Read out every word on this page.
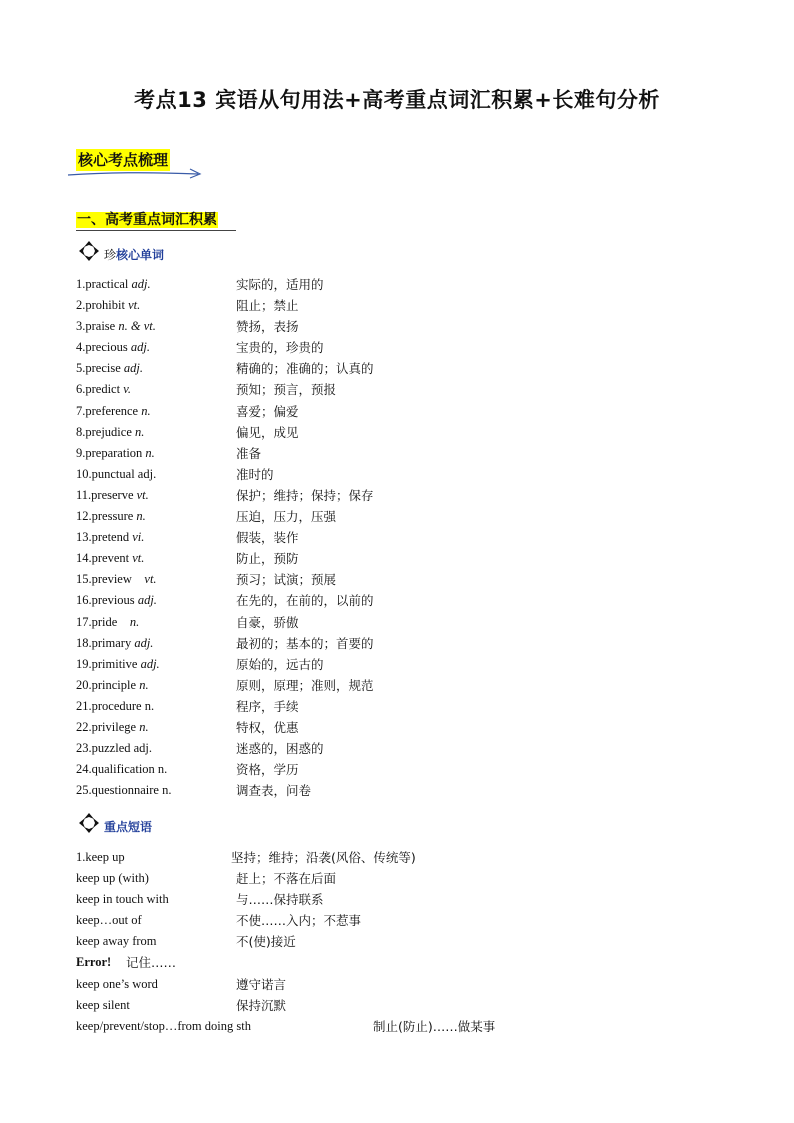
考点13 宾语从句用法+高考重点词汇积累+长难句分析
核心考点梳理
一、高考重点词汇积累
珍核心单词
1.practical adj.	实际的，适用的
2.prohibit vt.	阻止；禁止
3.praise n. & vt.	赞扬，表扬
4.precious adj.	宝贵的，珍贵的
5.precise adj.	精确的；准确的；认真的
6.predict v.	预知；预言，预报
7.preference n.	喜爱；偏爱
8.prejudice n.	偏见，成见
9.preparation n.	准备
10.punctual adj.	准时的
11.preserve vt.	保护；维持；保持；保存
12.pressure n.	压迫，压力，压强
13.pretend vi.	假装，装作
14.prevent vt.	防止，预防
15.preview    vt.	预习；试演；预展
16.previous adj.	在先的，在前的，以前的
17.pride    n.	自豪，骄傲
18.primary adj.	最初的；基本的；首要的
19.primitive adj.	原始的，远古的
20.principle n.	原则，原理；准则，规范
21.procedure n.	程序，手续
22.privilege n.	特权，优惠
23.puzzled adj.	迷惑的，困惑的
24.qualification n.	资格，学历
25.questionnaire n.	调查表，问卷
重点短语
1.keep up	坚持；维持；沿袭(风俗、传统等)
keep up (with)	赶上；不落在后面
keep in touch with	与……保持联系
keep…out of	不使……入内；不惹事
keep away from	不(使)接近
Error! 记住……
keep one’s word	遵守诺言
keep silent	保持沉默
keep/prevent/stop…from doing sth	制止(防止)……做某事
